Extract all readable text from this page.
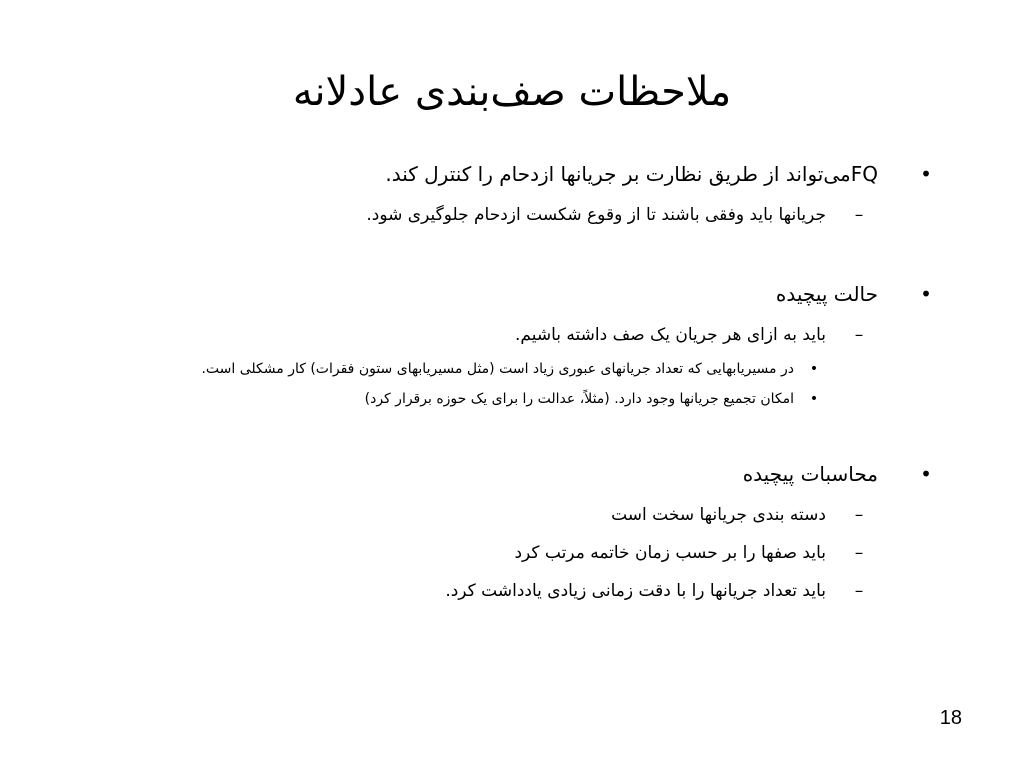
ملاحظات صف‌بندی عادلانه
•
FQمی‌تواند از طریق نظارت بر جریانها ازدحام را کنترل کند.
–
جریانها باید وفقی باشند تا از وقوع شکست ازدحام جلوگیری شود.
•
حالت پیچیده
–
باید به ازای هر جریان یک صف داشته باشیم.
•
در مسیریابهایی که تعداد جریانهای عبوری زیاد است (مثل مسیریابهای ستون فقرات) کار مشکلی است.
•
امکان تجمیع جریانها وجود دارد. (مثلاً، عدالت را برای یک حوزه برقرار کرد)
•
محاسبات پیچیده
–
دسته بندی جریانها سخت است
–
باید صفها را بر حسب زمان خاتمه مرتب کرد
–
باید تعداد جریانها را با دقت زمانی زیادی یادداشت کرد.
18
